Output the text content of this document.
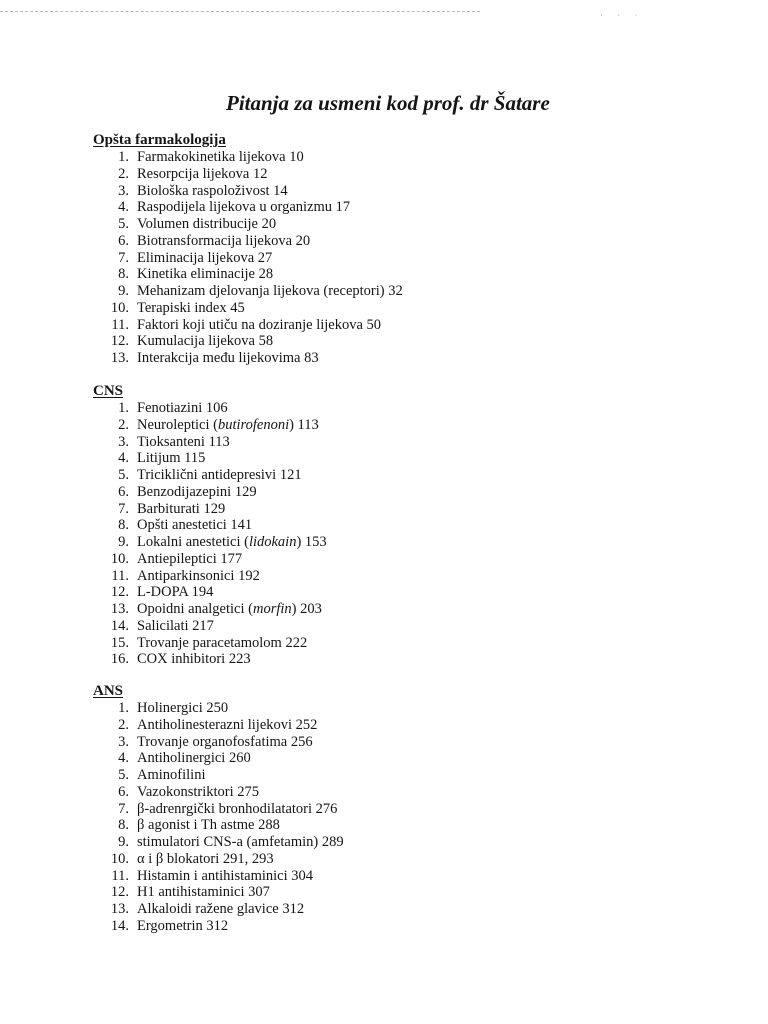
· · ·
Pitanja za usmeni kod prof. dr Šatare
Opšta farmakologija
1. Farmakokinetika lijekova 10
2. Resorpcija lijekova 12
3. Biološka raspoloživost 14
4. Raspodijela lijekova u organizmu 17
5. Volumen distribucije 20
6. Biotransformacija lijekova 20
7. Eliminacija lijekova 27
8. Kinetika eliminacije 28
9. Mehanizam djelovanja lijekova (receptori) 32
10. Terapiski index 45
11. Faktori koji utiču na doziranje lijekova 50
12. Kumulacija lijekova 58
13. Interakcija među lijekovima 83
CNS
1. Fenotiazini 106
2. Neuroleptici (butirofenoni) 113
3. Tioksanteni 113
4. Litijum 115
5. Triciklični antidepresivi 121
6. Benzodijazepini 129
7. Barbiturati 129
8. Opšti anestetici 141
9. Lokalni anestetici (lidokain) 153
10. Antiepileptici 177
11. Antiparkinsonici 192
12. L-DOPA 194
13. Opoidni analgetici (morfin) 203
14. Salicilati 217
15. Trovanje paracetamolom 222
16. COX inhibitori 223
ANS
1. Holinergici 250
2. Antiholinesterazni lijekovi 252
3. Trovanje organofosfatima 256
4. Antiholinergici 260
5. Aminofilini
6. Vazokonstriktori 275
7. β-adrenrgički bronhodilatatori 276
8. β agonist i Th astme 288
9. stimulatori CNS-a (amfetamin) 289
10. α i β blokatori 291, 293
11. Histamin i antihistaminici 304
12. H1 antihistaminici 307
13. Alkaloidi ražene glavice 312
14. Ergometrin 312
